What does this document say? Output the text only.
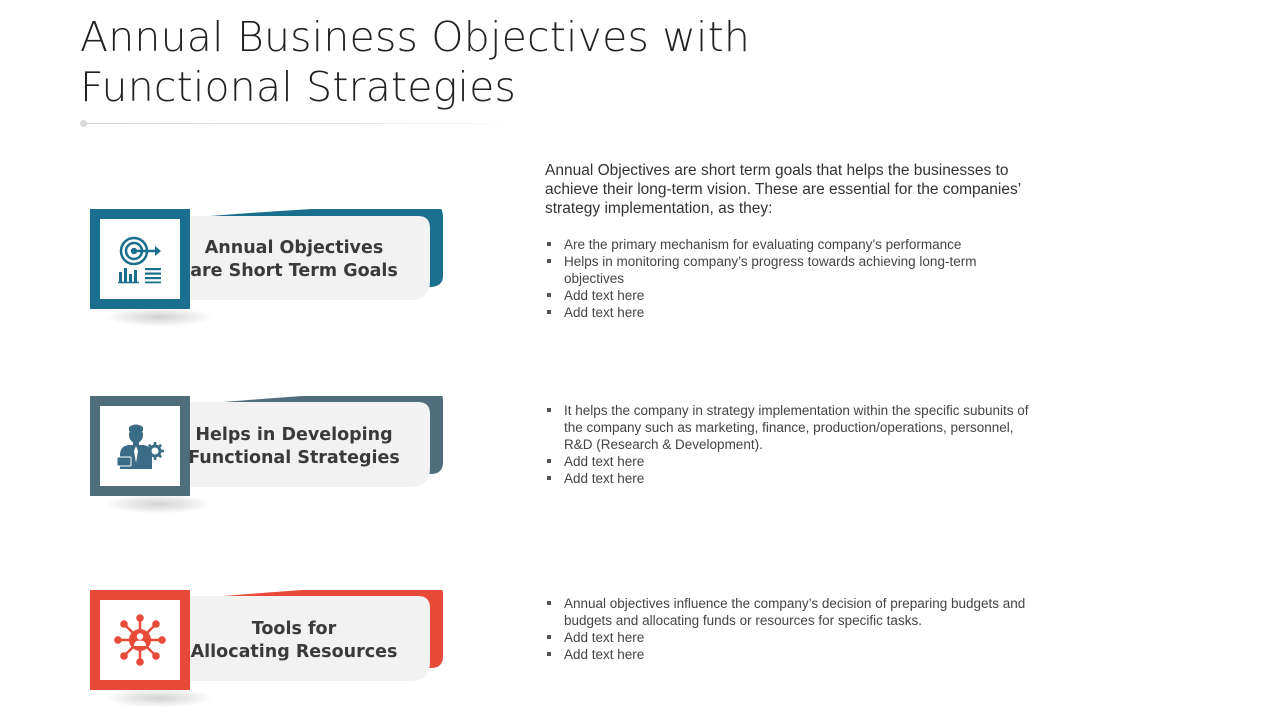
Annual Business Objectives with
Functional Strategies
Annual Objectives
are Short Term Goals
Helps in Developing
Functional Strategies
Tools for
Allocating Resources

Annual Objectives are short term goals that helps the businesses to achieve their long-term vision. These are essential for the companies’ strategy implementation, as they:

Are the primary mechanism for evaluating company’s performance
Helps in monitoring company’s progress towards achieving long-term objectives
Add text here
Add text here
It helps the company in strategy implementation within the specific subunits of the company such as marketing, finance, production/operations, personnel, R&D (Research & Development).
Add text here
Add text here
Annual objectives influence the company’s decision of preparing budgets and budgets and allocating funds or resources for specific tasks.
Add text here
Add text here
